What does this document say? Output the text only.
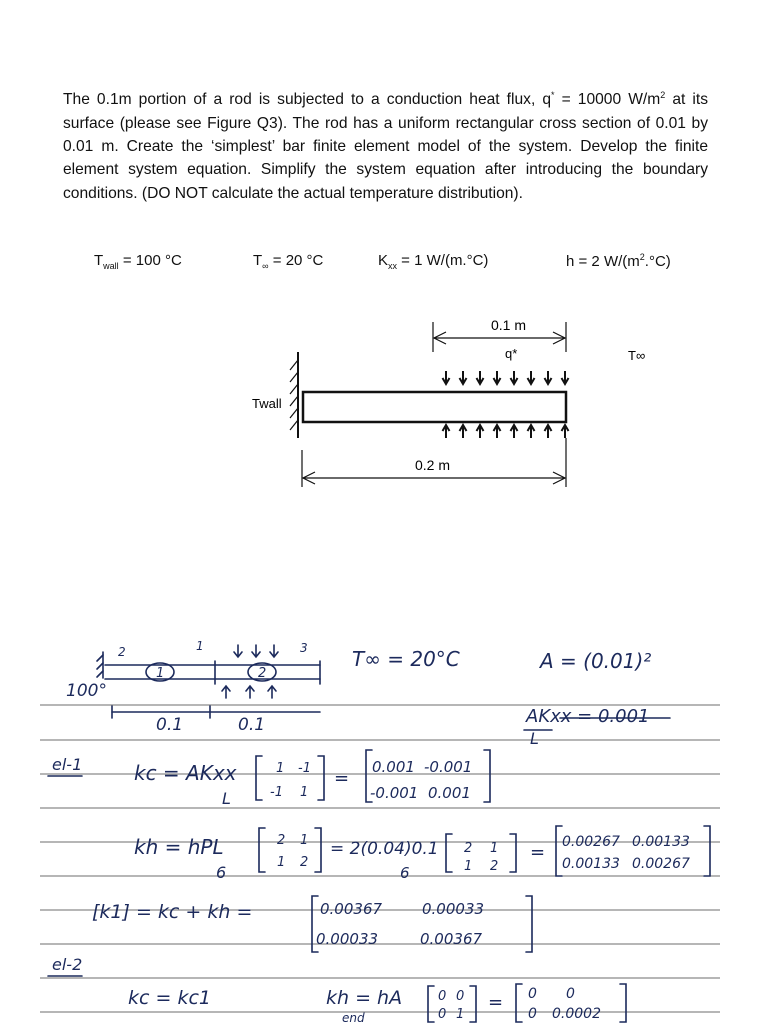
The 0.1m portion of a rod is subjected to a conduction heat flux, q* = 10000 $W/m^2$ at its surface (please see Figure Q3). The rod has a uniform rectangular cross section of 0.01 by 0.01 m. Create the ‘simplest’ bar finite element model of the system. Develop the finite element system equation. Simplify the system equation after introducing the boundary conditions. (DO NOT calculate the actual temperature distribution).
$T_{wall} = 100$ °C	$T_\infty = 20$ °C	$K_{xx} = 1$ W/(m.°C)	h = 2 $W/(m^2.^\circ C)$
0.1 m
q*	T∞
Twall
0.2 m
1
2	3
1	2
100°
0.1	0.1
T∞ = 20°C	A = (0.01)²
AKxx = 0.001
L
el-1	kc = AKxx
L
1 -1
-1 1
=
0.001 -0.001
-0.001 0.001
kh = hPL
6
2 1
1 2
= 2(0.04)0.1
6
2 1
1 2
= 0.00267 0.00133
0.00133 0.00267
[k1] = kc + kh =	0.00367	0.00033
0.00033	0.00367
el-2
kc = kc1	kh = hA
end
0 0
0 1
= 0 0
0 0.0002
